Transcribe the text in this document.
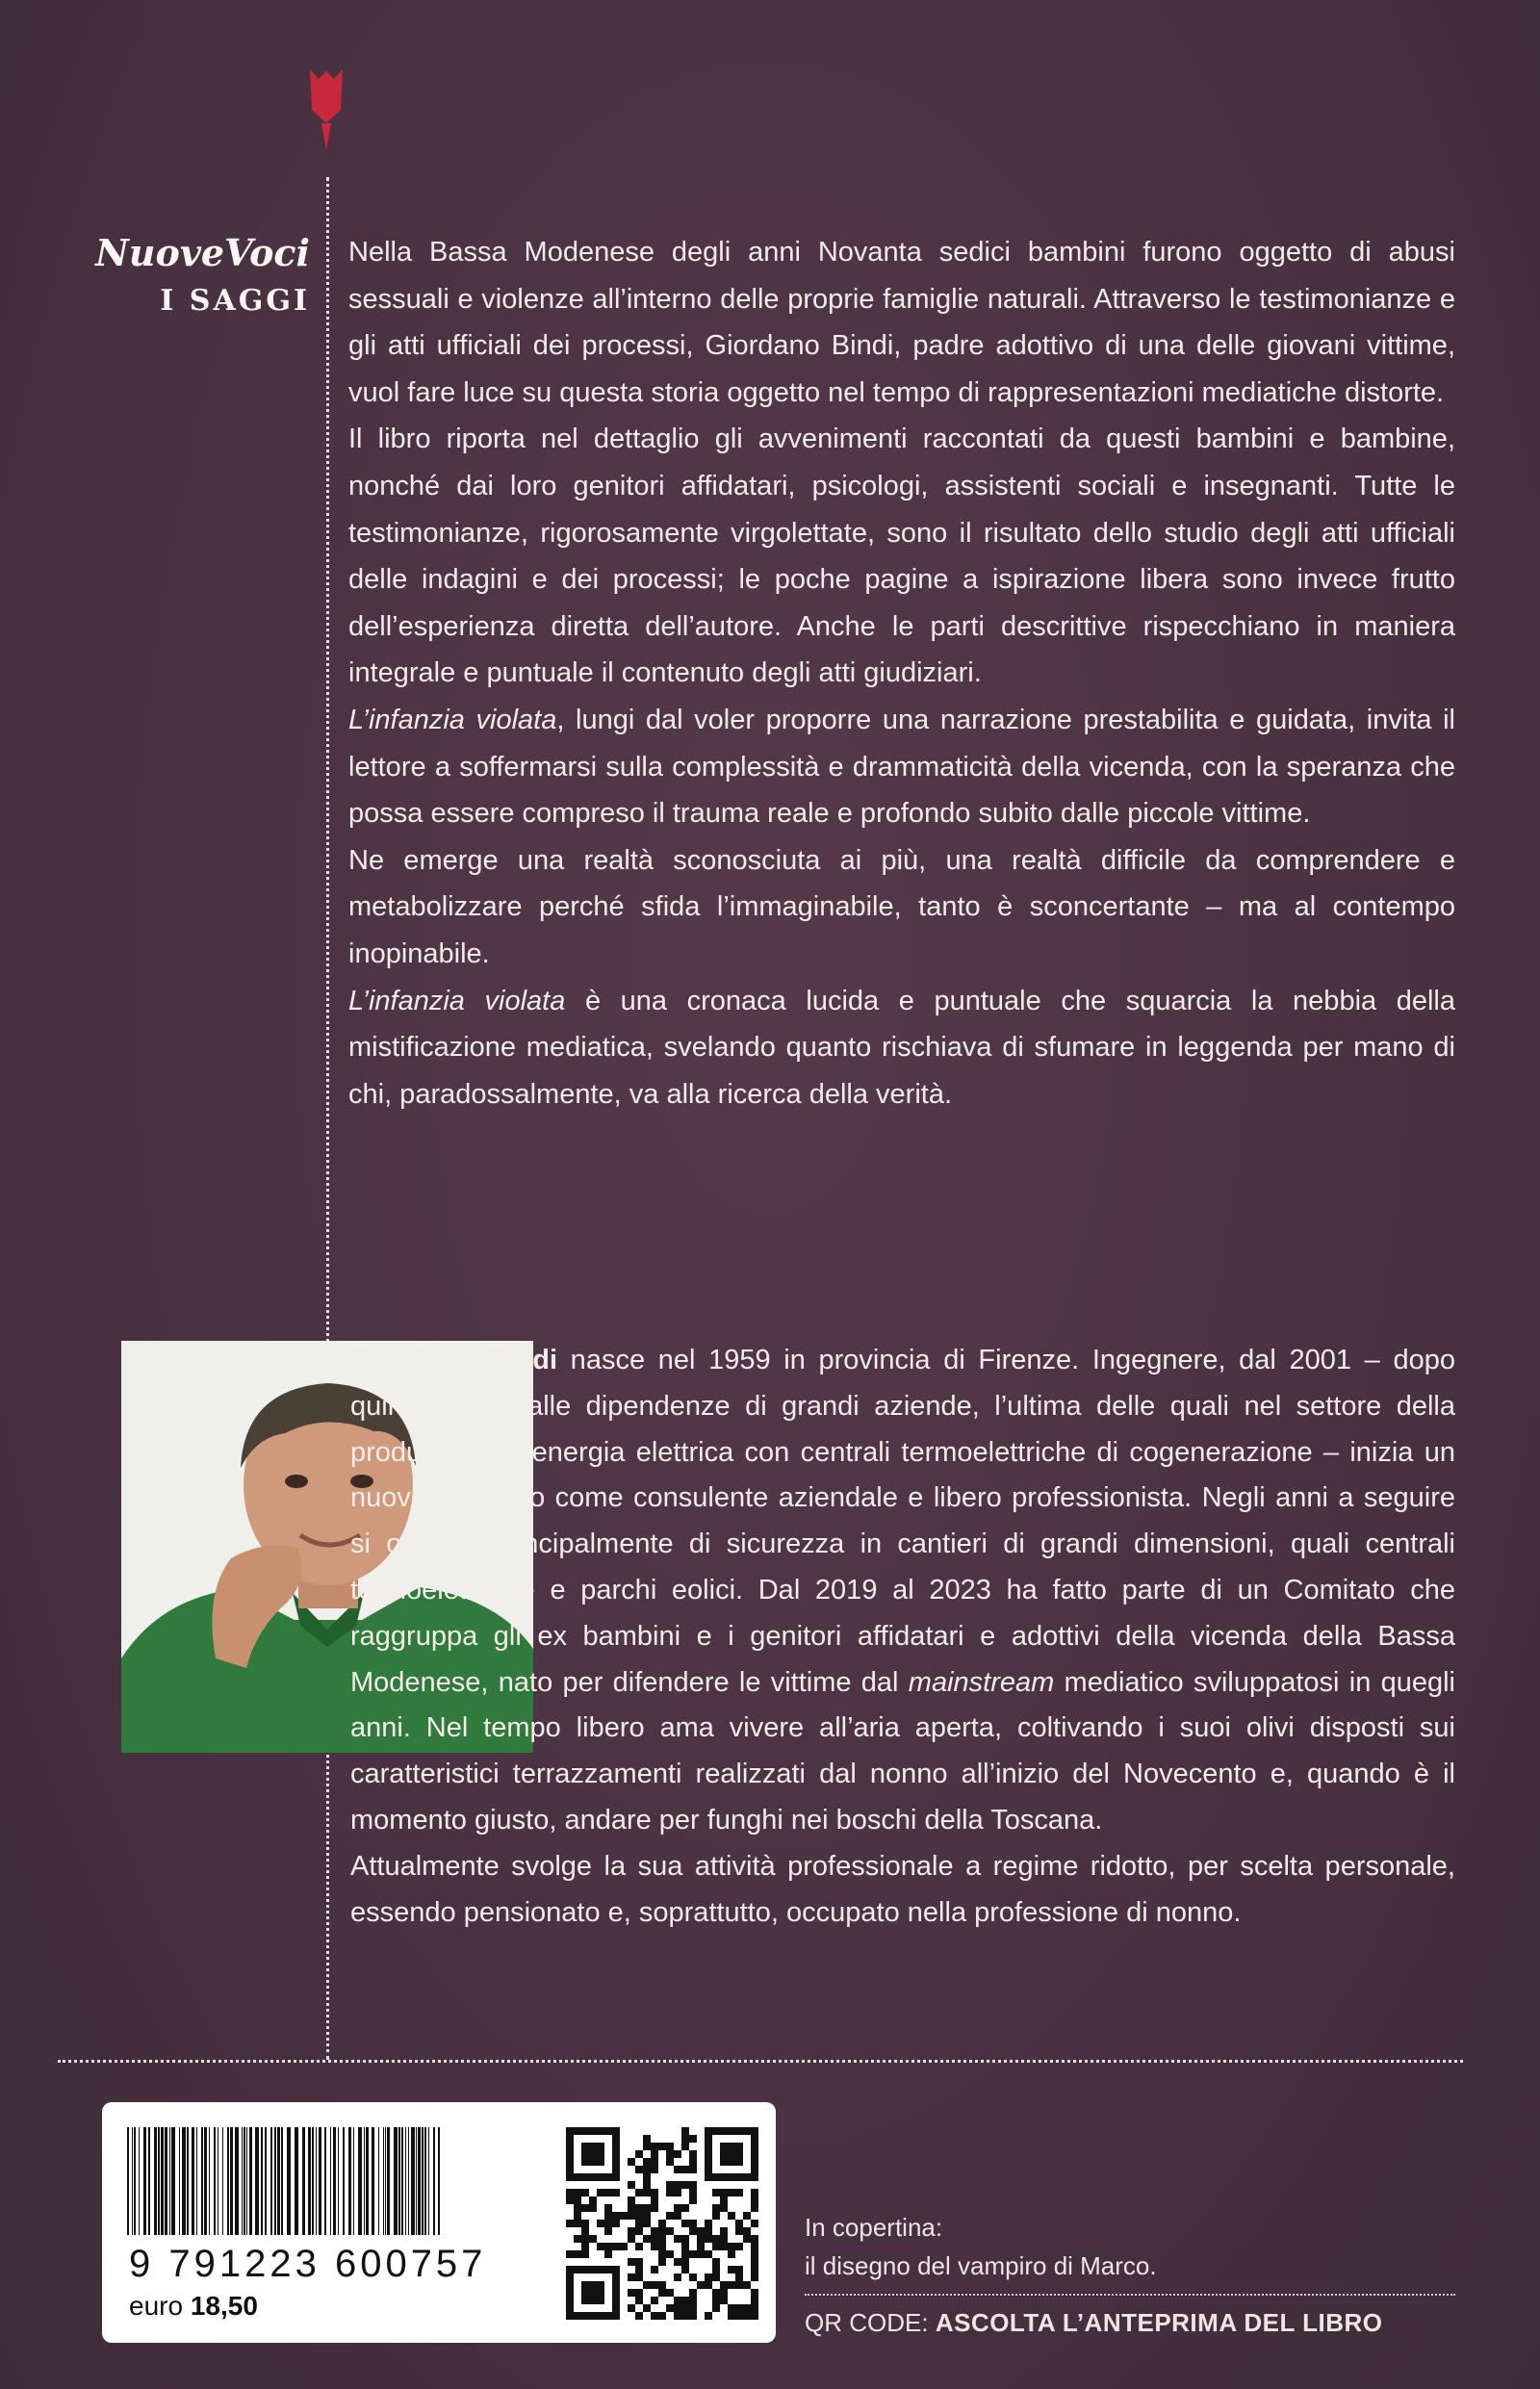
NuoveVoci
I SAGGI

Nella Bassa Modenese degli anni Novanta sedici bambini furono oggetto di abusi sessuali e violenze all’interno delle proprie famiglie naturali. Attraverso le testimonianze e gli atti ufficiali dei processi, Giordano Bindi, padre adottivo di una delle giovani vittime, vuol fare luce su questa storia oggetto nel tempo di rappresentazioni mediatiche distorte.

Il libro riporta nel dettaglio gli avvenimenti raccontati da questi bambini e bambine, nonché dai loro genitori affidatari, psicologi, assistenti sociali e insegnanti. Tutte le testimonianze, rigorosamente virgolettate, sono il risultato dello studio degli atti ufficiali delle indagini e dei processi; le poche pagine a ispirazione libera sono invece frutto dell’esperienza diretta dell’autore. Anche le parti descrittive rispecchiano in maniera integrale e puntuale il contenuto degli atti giudiziari.

L’infanzia violata, lungi dal voler proporre una narrazione prestabilita e guidata, invita il lettore a soffermarsi sulla complessità e drammaticità della vicenda, con la speranza che possa essere compreso il trauma reale e profondo subito dalle piccole vittime.

Ne emerge una realtà sconosciuta ai più, una realtà difficile da comprendere e metabolizzare perché sfida l’immaginabile, tanto è sconcertante – ma al contempo inopinabile.

L’infanzia violata è una cronaca lucida e puntuale che squarcia la nebbia della mistificazione mediatica, svelando quanto rischiava di sfumare in leggenda per mano di chi, paradossalmente, va alla ricerca della verità.

Giordano Bindi nasce nel 1959 in provincia di Firenze. Ingegnere, dal 2001 – dopo quindici anni alle dipendenze di grandi aziende, l’ultima delle quali nel settore della produzione di energia elettrica con centrali termoelettriche di cogenerazione – inizia un nuovo percorso come consulente aziendale e libero professionista. Negli anni a seguire si occupa principalmente di sicurezza in cantieri di grandi dimensioni, quali centrali termoelettriche e parchi eolici. Dal 2019 al 2023 ha fatto parte di un Comitato che raggruppa gli ex bambini e i genitori affidatari e adottivi della vicenda della Bassa Modenese, nato per difendere le vittime dal mainstream mediatico sviluppatosi in quegli anni. Nel tempo libero ama vivere all’aria aperta, coltivando i suoi olivi disposti sui caratteristici terrazzamenti realizzati dal nonno all’inizio del Novecento e, quando è il momento giusto, andare per funghi nei boschi della Toscana.

Attualmente svolge la sua attività professionale a regime ridotto, per scelta personale, essendo pensionato e, soprattutto, occupato nella professione di nonno.

9 791223 600757
euro 18,50
In copertina:
il disegno del vampiro di Marco.
QR CODE: ASCOLTA L’ANTEPRIMA DEL LIBRO
